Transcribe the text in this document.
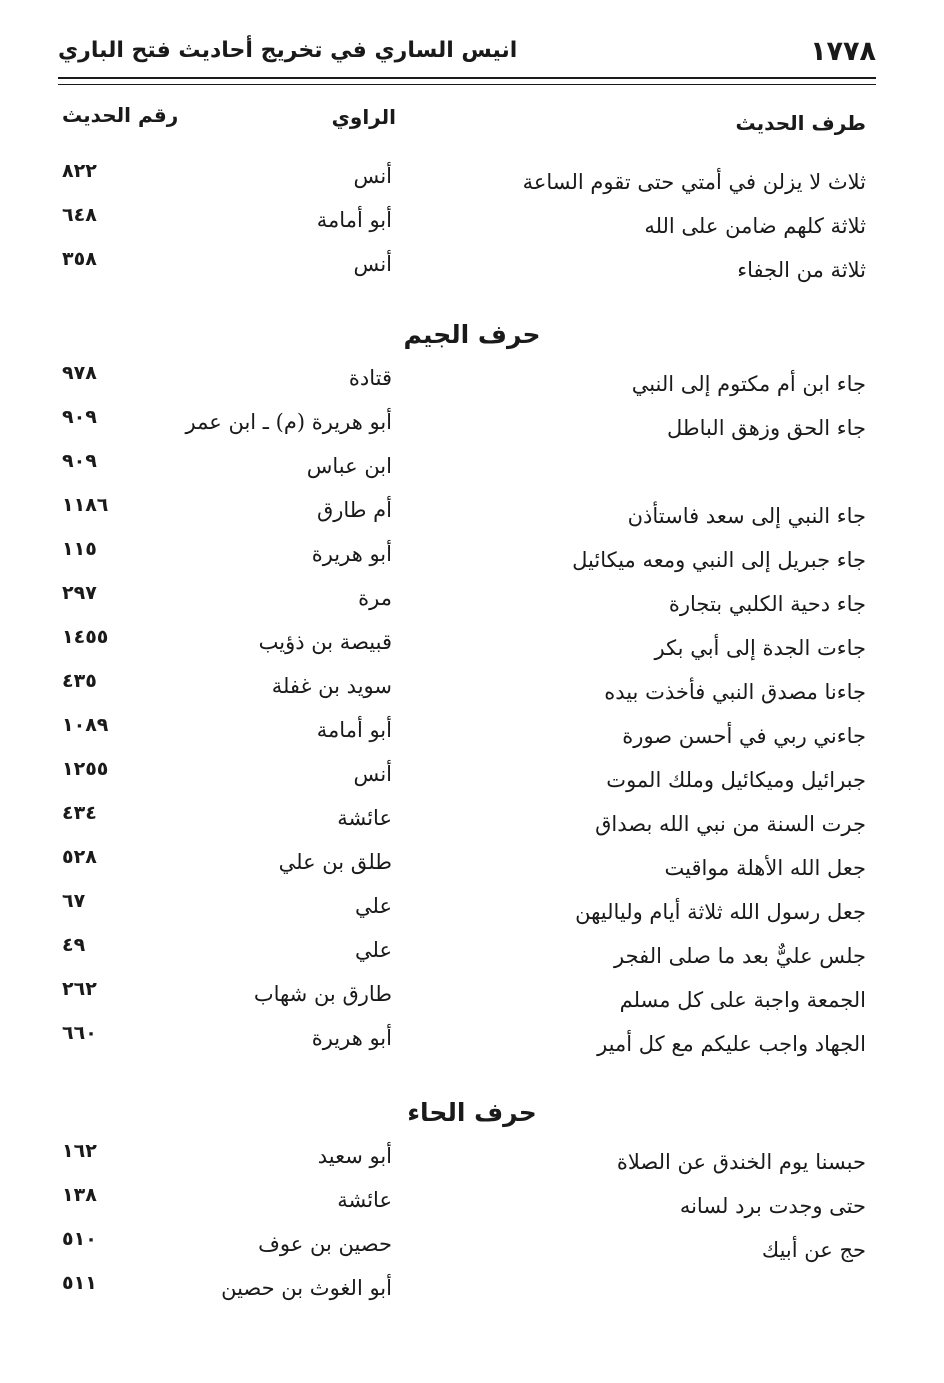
١٧٧٨
انيس الساري في تخريج أحاديث فتح الباري
طرف الحديث
الراوي
رقم الحديث
ثلاث لا يزلن في أمتي حتى تقوم الساعة
أنس
٨٢٢
ثلاثة كلهم ضامن على الله
أبو أمامة
٦٤٨
ثلاثة من الجفاء
أنس
٣٥٨
حرف الجيم
جاء ابن أم مكتوم إلى النبي
قتادة
٩٧٨
جاء الحق وزهق الباطل
أبو هريرة (م) ـ ابن عمر
٩٠٩
ابن عباس
٩٠٩
جاء النبي إلى سعد فاستأذن
أم طارق
١١٨٦
جاء جبريل إلى النبي ومعه ميكائيل
أبو هريرة
١١٥
جاء دحية الكلبي بتجارة
مرة
٢٩٧
جاءت الجدة إلى أبي بكر
قبيصة بن ذؤيب
١٤٥٥
جاءنا مصدق النبي فأخذت بيده
سويد بن غفلة
٤٣٥
جاءني ربي في أحسن صورة
أبو أمامة
١٠٨٩
جبرائيل وميكائيل وملك الموت
أنس
١٢٥٥
جرت السنة من نبي الله بصداق
عائشة
٤٣٤
جعل الله الأهلة مواقيت
طلق بن علي
٥٢٨
جعل رسول الله ثلاثة أيام ولياليهن
علي
٦٧
جلس عليٌّ بعد ما صلى الفجر
علي
٤٩
الجمعة واجبة على كل مسلم
طارق بن شهاب
٢٦٢
الجهاد واجب عليكم مع كل أمير
أبو هريرة
٦٦٠
حرف الحاء
حبسنا يوم الخندق عن الصلاة
أبو سعيد
١٦٢
حتى وجدت برد لسانه
عائشة
١٣٨
حج عن أبيك
حصين بن عوف
٥١٠
أبو الغوث بن حصين
٥١١
